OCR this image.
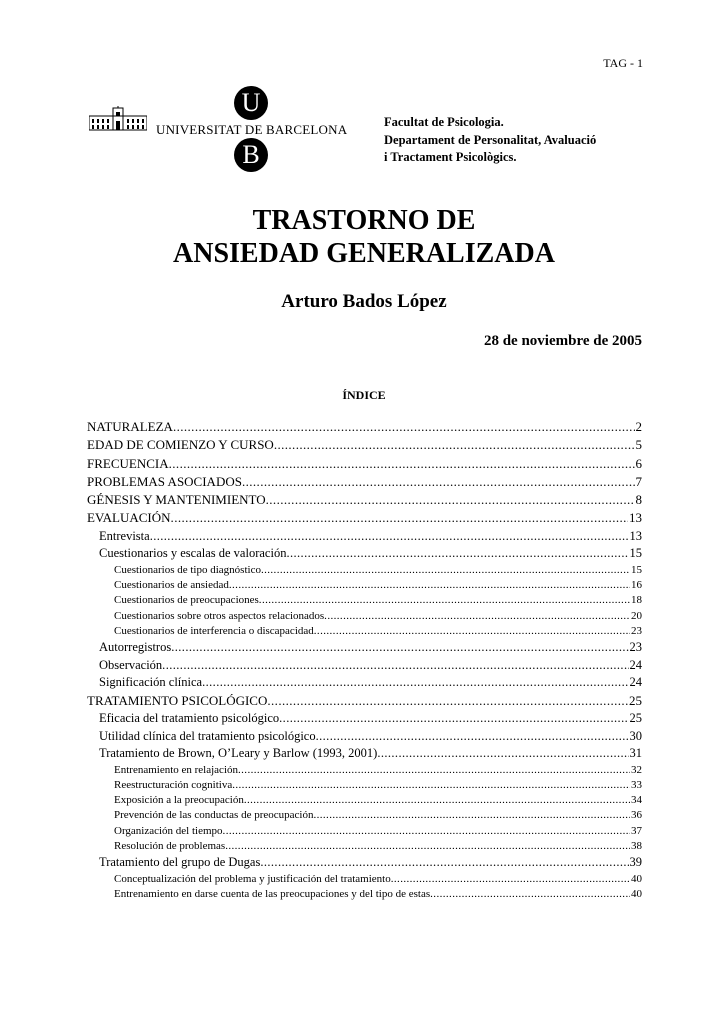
TAG - 1
U
UNIVERSITAT DE BARCELONA
B
Facultat de Psicologia.
Departament de Personalitat, Avaluació
i Tractament Psicològics.
TRASTORNO DE
ANSIEDAD GENERALIZADA
Arturo Bados López
28 de noviembre de 2005
ÍNDICE
NATURALEZA .....	2
EDAD DE COMIENZO Y CURSO .....	5
FRECUENCIA .....	6
PROBLEMAS ASOCIADOS .....	7
GÉNESIS Y MANTENIMIENTO .....	8
EVALUACIÓN .....	13
Entrevista .....	13
Cuestionarios y escalas de valoración .....	15
Cuestionarios de tipo diagnóstico .....	15
Cuestionarios de ansiedad .....	16
Cuestionarios de preocupaciones .....	18
Cuestionarios sobre otros aspectos relacionados .....	20
Cuestionarios de interferencia o discapacidad .....	23
Autorregistros .....	23
Observación .....	24
Significación clínica .....	24
TRATAMIENTO PSICOLÓGICO .....	25
Eficacia del tratamiento psicológico .....	25
Utilidad clínica del tratamiento psicológico .....	30
Tratamiento de Brown, O’Leary y Barlow (1993, 2001) .....	31
Entrenamiento en relajación .....	32
Reestructuración cognitiva .....	33
Exposición a la preocupación .....	34
Prevención de las conductas de preocupación .....	36
Organización del tiempo .....	37
Resolución de problemas .....	38
Tratamiento del grupo de Dugas .....	39
Conceptualización del problema y justificación del tratamiento .....	40
Entrenamiento en darse cuenta de las preocupaciones y del tipo de estas .....	40
